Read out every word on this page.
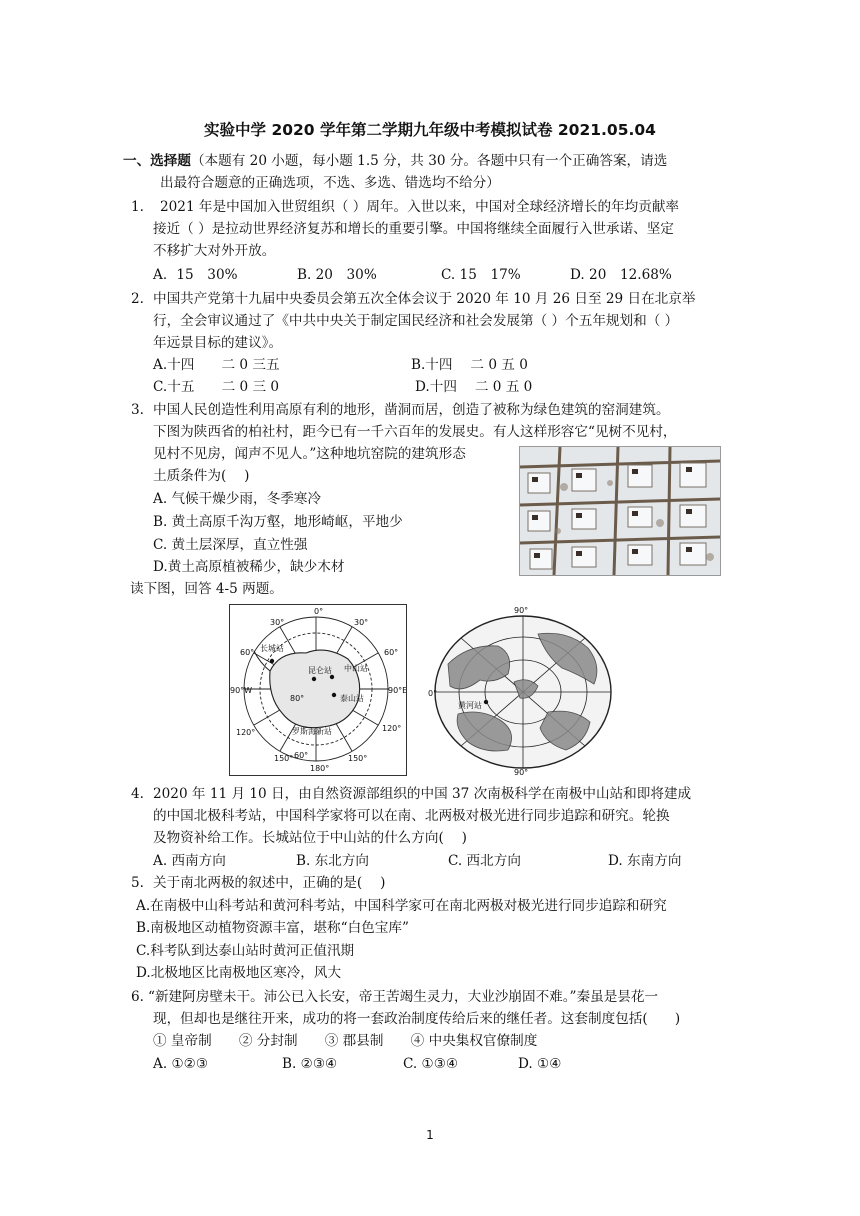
实验中学 2020 学年第二学期九年级中考模拟试卷 2021.05.04
一、选择题（本题有 20 小题，每小题 1.5 分，共 30 分。各题中只有一个正确答案，请选
出最符合题意的正确选项，不选、多选、错选均不给分）
1. 2021 年是中国加入世贸组织（ ）周年。入世以来，中国对全球经济增长的年均贡献率
接近（ ）是拉动世界经济复苏和增长的重要引擎。中国将继续全面履行入世承诺、坚定
不移扩大对外开放。
A．15　30%	B. 20　30%	C. 15　17%	D. 20　12.68%
2. 中国共产党第十九届中央委员会第五次全体会议于 2020 年 10 月 26 日至 29 日在北京举
行，全会审议通过了《中共中央关于制定国民经济和社会发展第（ ）个五年规划和（ ）
年远景目标的建议》。
A.十四　　二 0 三五	B.十四　 二 0 五 0
C.十五　　二 0 三 0	D.十四　 二 0 五 0
3. 中国人民创造性利用高原有利的地形，凿洞而居，创造了被称为绿色建筑的窑洞建筑。
下图为陕西省的柏社村，距今已有一千六百年的发展史。有人这样形容它“见树不见村，
见村不见房，闻声不见人。”这种地坑窑院的建筑形态
土质条件为(　 )
A. 气候干燥少雨，冬季寒冷
B. 黄土高原千沟万壑，地形崎岖，平地少
C. 黄土层深厚，直立性强
D.黄土高原植被稀少，缺少木材
读下图，回答 4-5 两题。
0°
30°	30°
60°	60°
长城站
昆仑站 中山站
泰山站
90°W	90°E
80°
120°	120°
罗斯海新站
150°	150°
60°
180°
90°
90°
0°
黄河站
4. 2020 年 11 月 10 日，由自然资源部组织的中国 37 次南极科学在南极中山站和即将建成
的中国北极科考站，中国科学家将可以在南、北两极对极光进行同步追踪和研究。轮换
及物资补给工作。长城站位于中山站的什么方向(　 )
A. 西南方向	B. 东北方向	C. 西北方向	D. 东南方向
5. 关于南北两极的叙述中，正确的是(　 )
A.在南极中山科考站和黄河科考站，中国科学家可在南北两极对极光进行同步追踪和研究
B.南极地区动植物资源丰富，堪称“白色宝库”
C.科考队到达泰山站时黄河正值汛期
D.北极地区比南极地区寒冷，风大
6. “新建阿房壁未干。沛公已入长安，帝王苦竭生灵力，大业沙崩固不难。”秦虽是昙花一
现，但却也是继往开来，成功的将一套政治制度传给后来的继任者。这套制度包括(　　)
① 皇帝制　　② 分封制　　③ 郡县制　　④ 中央集权官僚制度
A. ①②③	B. ②③④	C. ①③④	D. ①④
1
